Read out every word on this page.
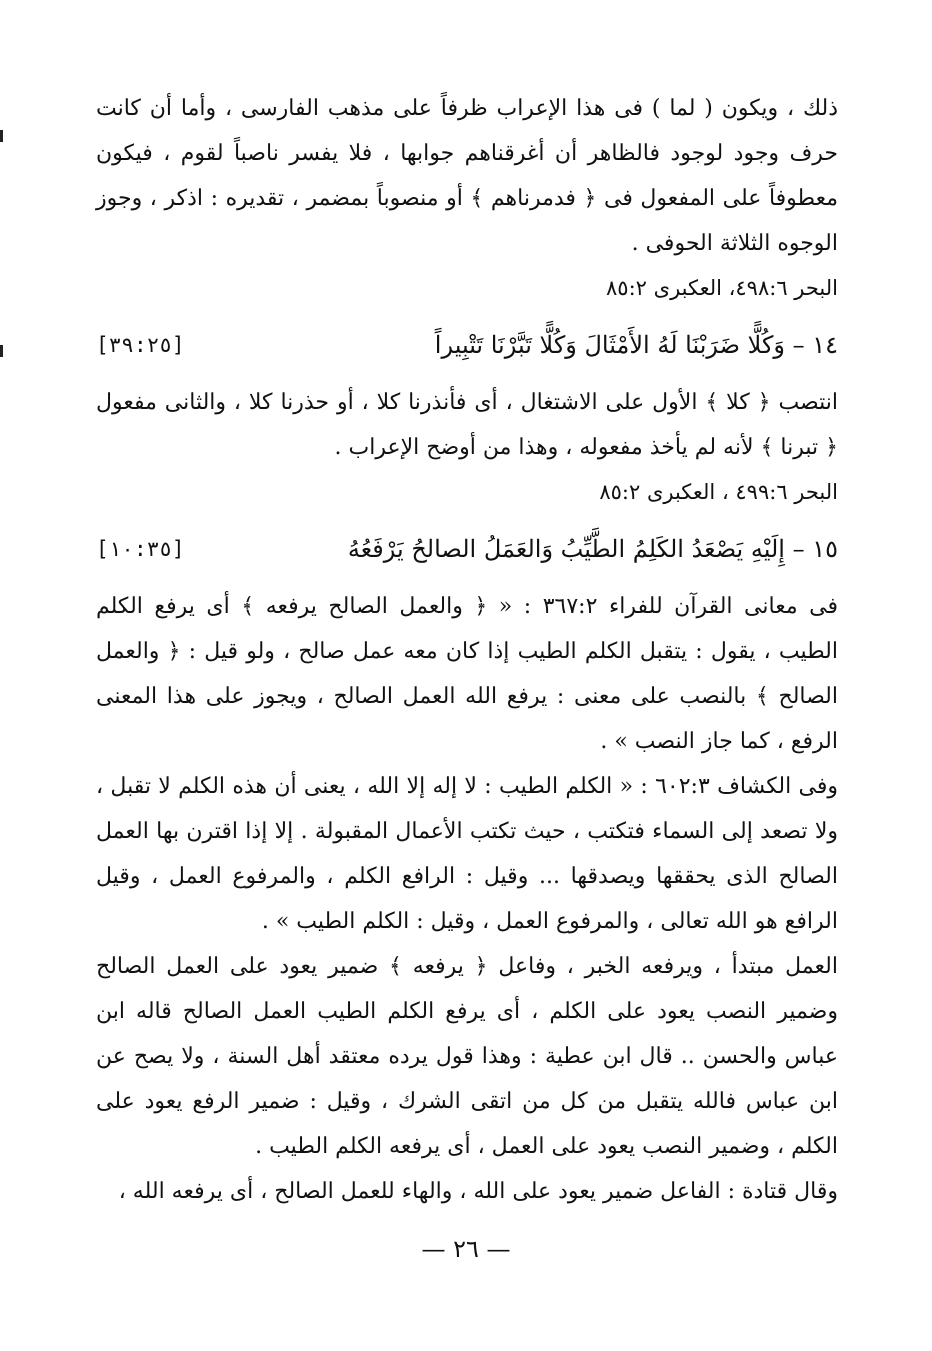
ذلك ، ويكون ( لما ) فى هذا الإعراب ظرفاً على مذهب الفارسى ، وأما أن كانت حرف وجود لوجود فالظاهر أن أغرقناهم جوابها ، فلا يفسر ناصباً لقوم ، فيكون معطوفاً على المفعول فى ﴿ فدمرناهم ﴾ أو منصوباً بمضمر ، تقديره : اذكر ، وجوز الوجوه الثلاثة الحوفى .

البحر ٤٩٨:٦، العكبرى ٨٥:٢

١٤ – وَكُلًّا ضَرَبْنَا لَهُ الأَمْثَالَ وَكُلًّا تَبَّرْنَا تَتْبِيراً
[٣٩:٢٥]

انتصب ﴿ كلا ﴾ الأول على الاشتغال ، أى فأنذرنا كلا ، أو حذرنا كلا ، والثانى مفعول ﴿ تبرنا ﴾ لأنه لم يأخذ مفعوله ، وهذا من أوضح الإعراب .

البحر ٤٩٩:٦ ، العكبرى ٨٥:٢

١٥ – إِلَيْهِ يَصْعَدُ الكَلِمُ الطَّيِّبُ وَالعَمَلُ الصالحُ يَرْفَعُهُ
[١٠:٣٥]

فى معانى القرآن للفراء ٣٦٧:٢ : « ﴿ والعمل الصالح يرفعه ﴾ أى يرفع الكلم الطيب ، يقول : يتقبل الكلم الطيب إذا كان معه عمل صالح ، ولو قيل : ﴿ والعمل الصالح ﴾ بالنصب على معنى : يرفع الله العمل الصالح ، ويجوز على هذا المعنى الرفع ، كما جاز النصب » .

وفى الكشاف ٦٠٢:٣ : « الكلم الطيب : لا إله إلا الله ، يعنى أن هذه الكلم لا تقبل ، ولا تصعد إلى السماء فتكتب ، حيث تكتب الأعمال المقبولة . إلا إذا اقترن بها العمل الصالح الذى يحققها ويصدقها ... وقيل : الرافع الكلم ، والمرفوع العمل ، وقيل الرافع هو الله تعالى ، والمرفوع العمل ، وقيل : الكلم الطيب » .

العمل مبتدأ ، ويرفعه الخبر ، وفاعل ﴿ يرفعه ﴾ ضمير يعود على العمل الصالح وضمير النصب يعود على الكلم ، أى يرفع الكلم الطيب العمل الصالح قاله ابن عباس والحسن .. قال ابن عطية : وهذا قول يرده معتقد أهل السنة ، ولا يصح عن ابن عباس فالله يتقبل من كل من اتقى الشرك ، وقيل : ضمير الرفع يعود على الكلم ، وضمير النصب يعود على العمل ، أى يرفعه الكلم الطيب .

وقال قتادة : الفاعل ضمير يعود على الله ، والهاء للعمل الصالح ، أى يرفعه الله ،

— ٢٦ —
